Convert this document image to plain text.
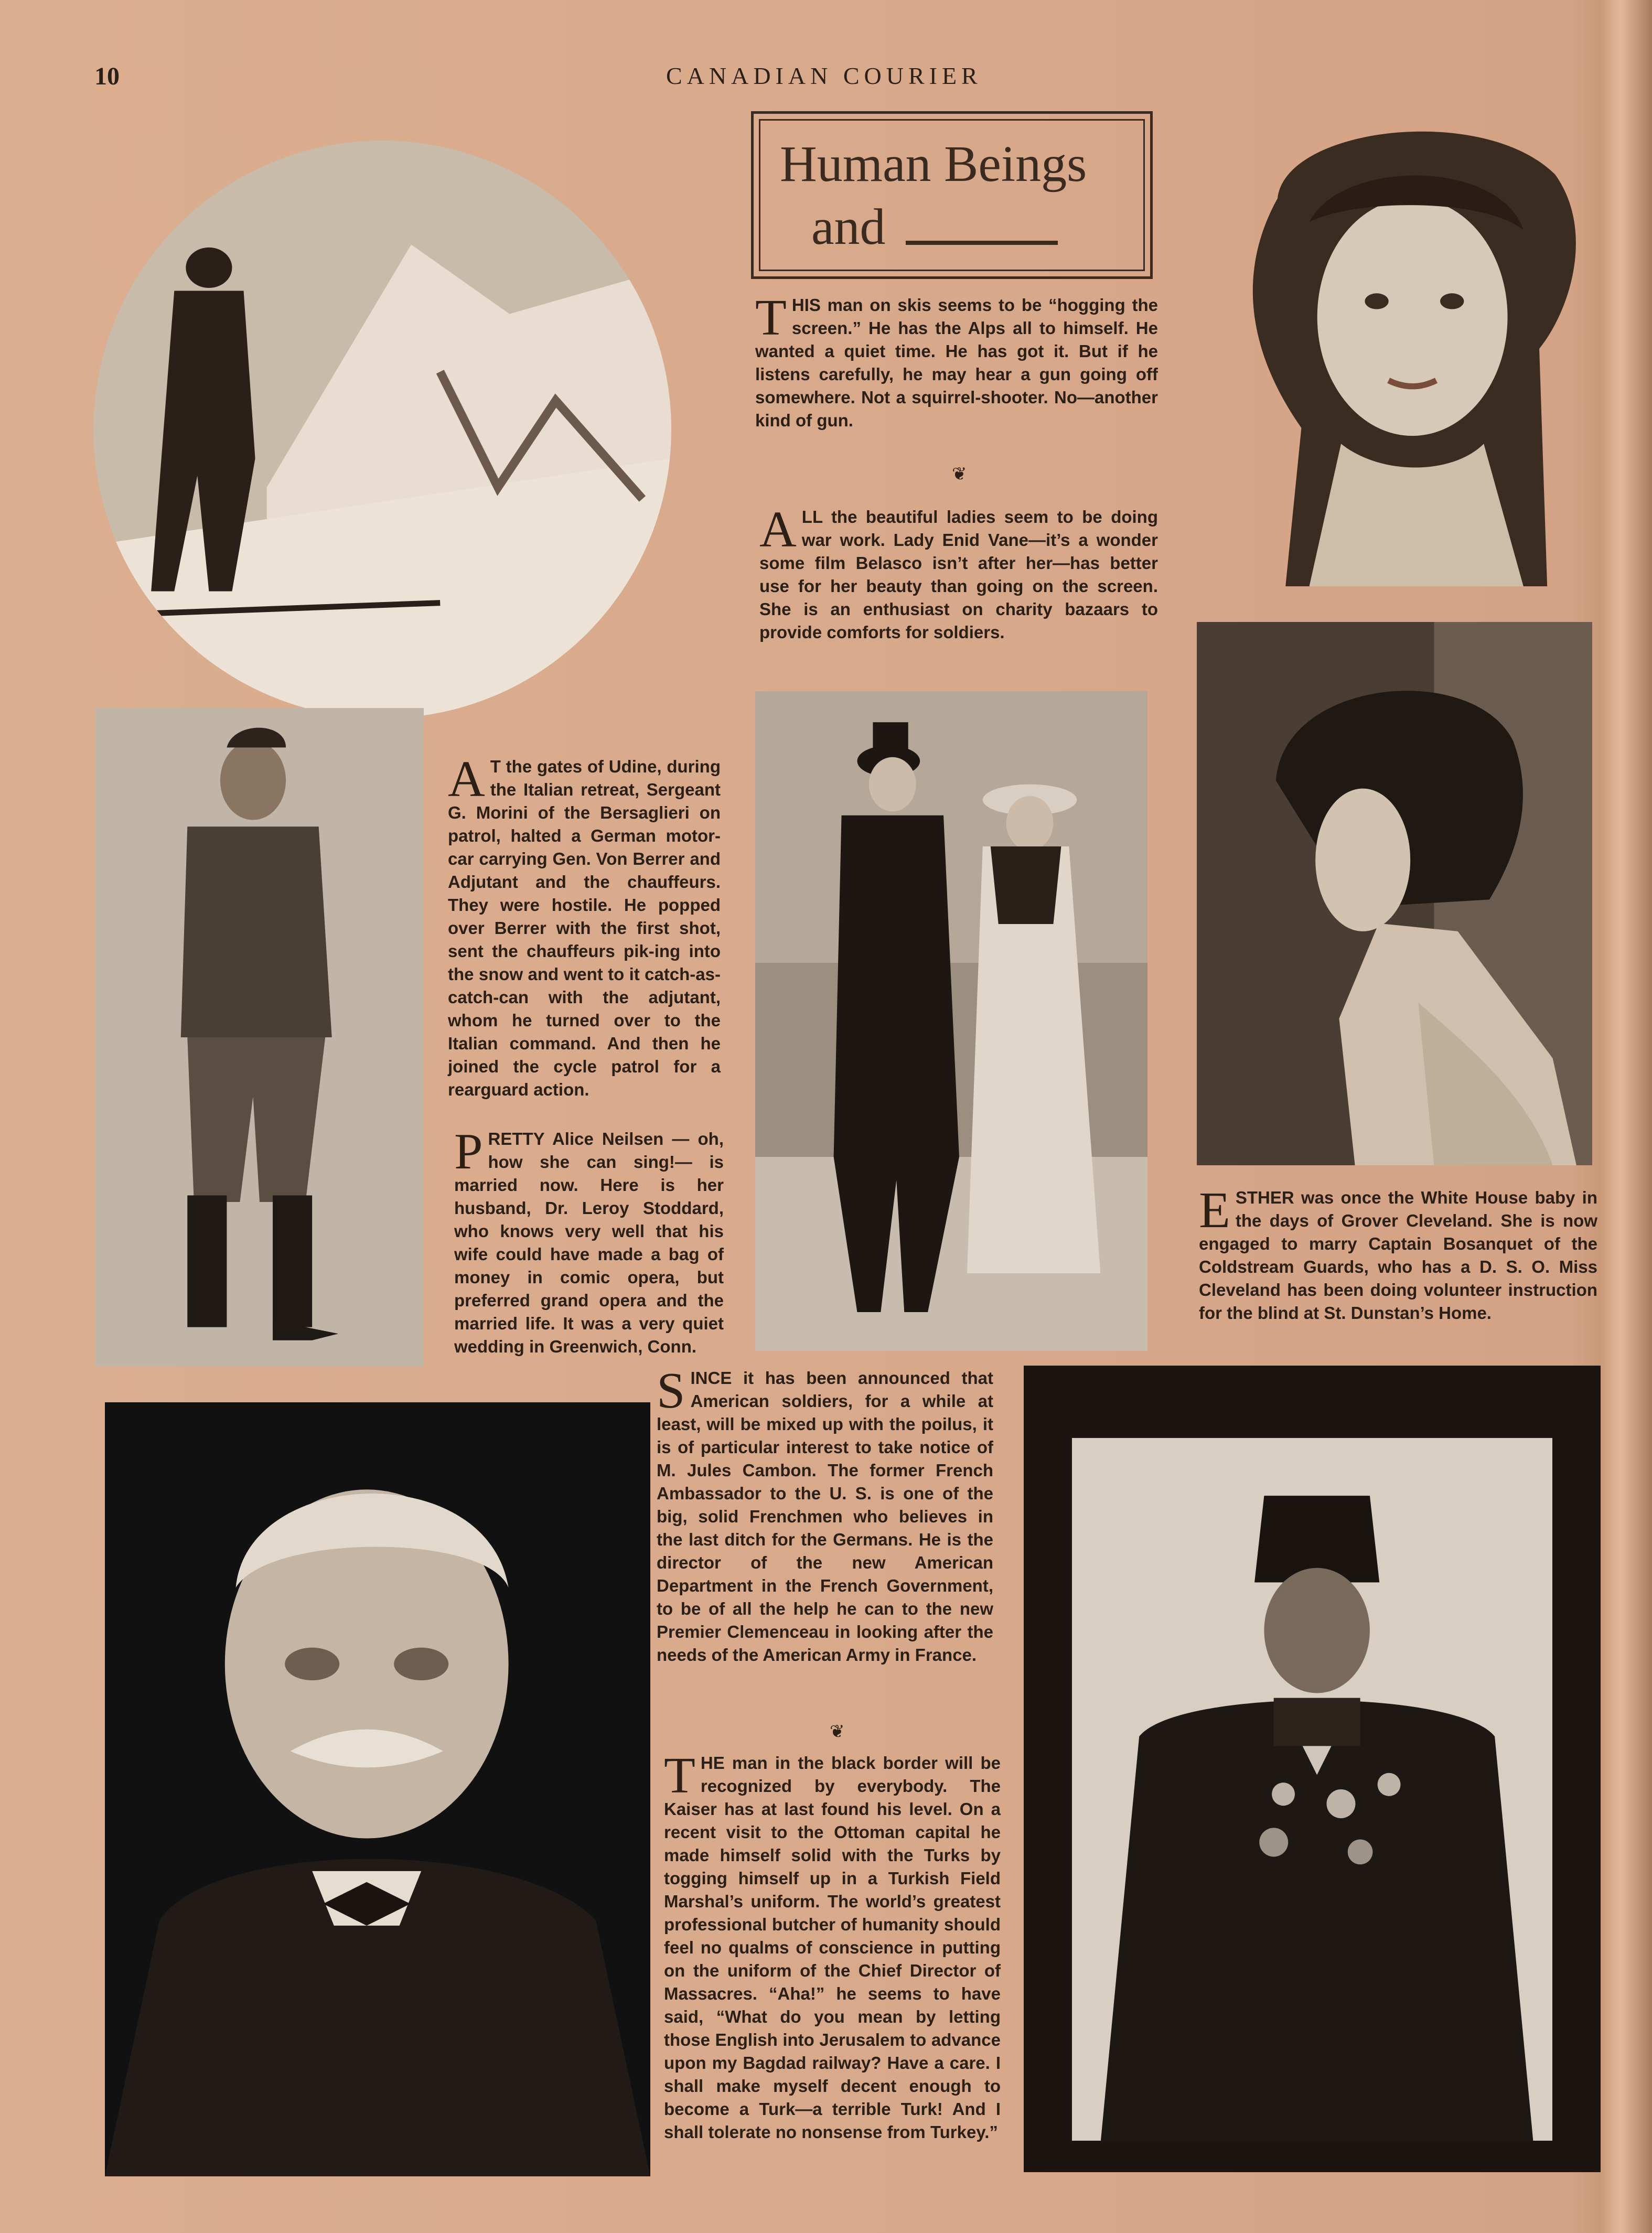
10	CANADIAN COURIER
Human Beings
and
THIS man on skis seems to be “hogging the screen.” He has the Alps all to himself. He wanted a quiet time. He has got it. But if he listens carefully, he may hear a gun going off somewhere. Not a squirrel-shooter. No—another kind of gun.
❦
ALL the beautiful ladies seem to be doing war work. Lady Enid Vane—it’s a wonder some film Belasco isn’t after her—has better use for her beauty than going on the screen. She is an enthusiast on charity bazaars to provide comforts for soldiers.
A T the gates of Udine, during the Italian retreat, Sergeant G. Morini of the Bersaglieri on patrol, halted a German motor-car carrying Gen. Von Berrer and Adjutant and the chauffeurs. They were hostile. He popped over Berrer with the first shot, sent the chauffeurs pik-ing into the snow and went to it catch-as-catch-can with the adjutant, whom he turned over to the Italian command. And then he joined the cycle patrol for a rearguard action.
PRETTY Alice Neilsen — oh, how she can sing!— is married now. Here is her husband, Dr. Leroy Stoddard, who knows very well that his wife could have made a bag of money in comic opera, but preferred grand opera and the married life. It was a very quiet wedding in Greenwich, Conn.
ESTHER was once the White House baby in the days of Grover Cleveland. She is now engaged to marry Captain Bosanquet of the Coldstream Guards, who has a D. S. O. Miss Cleveland has been doing volunteer instruction for the blind at St. Dunstan’s Home.
SINCE it has been announced that American soldiers, for a while at least, will be mixed up with the poilus, it is of particular interest to take notice of M. Jules Cambon. The former French Ambassador to the U. S. is one of the big, solid Frenchmen who believes in the last ditch for the Germans. He is the director of the new American Department in the French Government, to be of all the help he can to the new Premier Clemenceau in looking after the needs of the American Army in France.
❦
THE man in the black border will be recognized by everybody. The Kaiser has at last found his level. On a recent visit to the Ottoman capital he made himself solid with the Turks by togging himself up in a Turkish Field Marshal’s uniform. The world’s greatest professional butcher of humanity should feel no qualms of conscience in putting on the uniform of the Chief Director of Massacres. “Aha!” he seems to have said, “What do you mean by letting those English into Jerusalem to advance upon my Bagdad railway? Have a care. I shall make myself decent enough to become a Turk—a terrible Turk! And I shall tolerate no nonsense from Turkey.”
